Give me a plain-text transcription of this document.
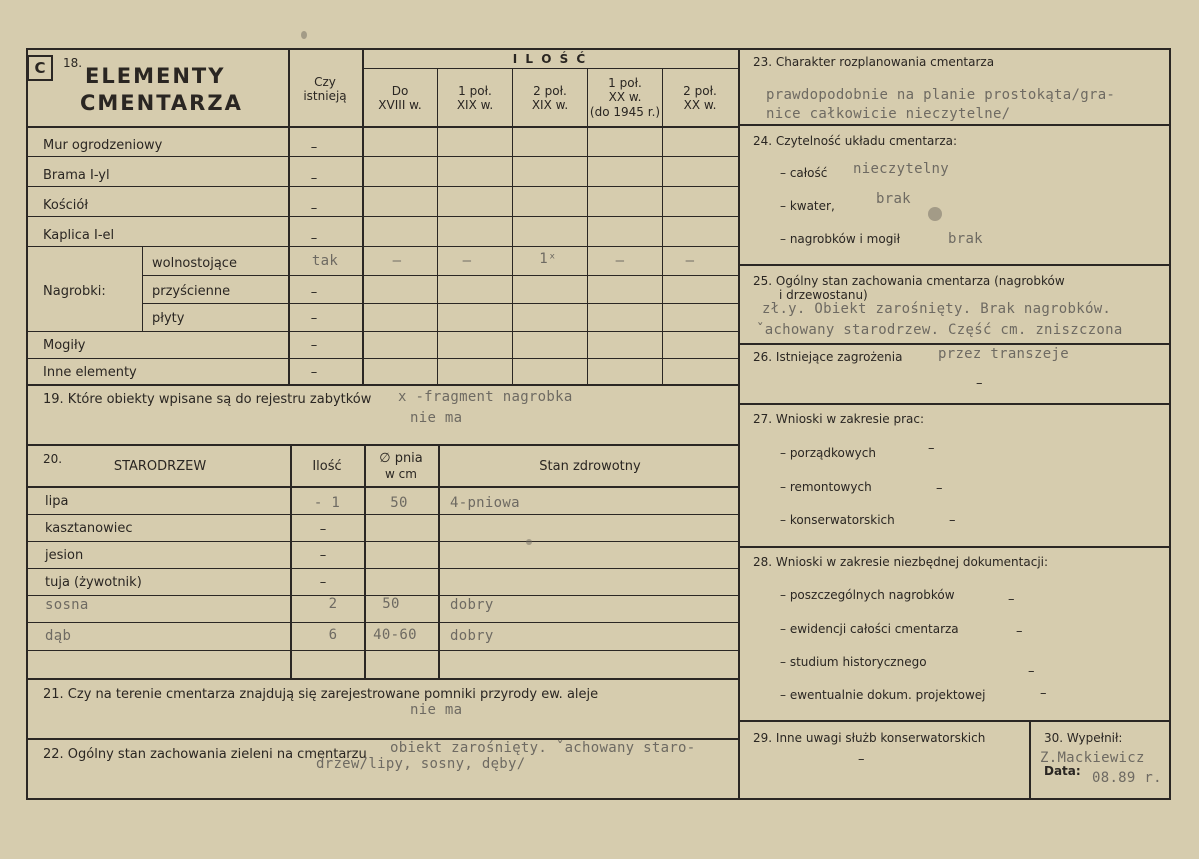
C	18.
ELEMENTY
CMENTARZA
Czy
istnieją
I L O Ś Ć
Do
XVIII w.
1 poł.
XIX w.
2 poł.
XIX w.
1 poł.
XX w.
(do 1945 r.)
2 poł.
XX w.
Mur ogrodzeniowy	–
Brama I-yl	–
Kościół	–
Kaplica I-el	–
Nagrobki:
wolnostojące	tak	–	–	1ˣ	–	–
przyścienne	–
płyty	–
Mogiły	–
Inne elementy	–
19. Które obiekty wpisane są do rejestru zabytków x -fragment nagrobka
nie ma
20.	STARODRZEW	Ilość
∅ pnia
w cm	Stan zdrowotny
lipa	- 1	50	4-pniowa
kasztanowiec	–
jesion	–
tuja (żywotnik)	–
sosna	2	50	dobry
dąb	6	40-60 dobry
21. Czy na terenie cmentarza znajdują się zarejestrowane pomniki przyrody ew. aleje
nie ma
22. Ogólny stan zachowania zieleni na cmentarzu obiekt zarośnięty. ˇachowany staro-
drzew/lipy, sosny, dęby/
23. Charakter rozplanowania cmentarza
prawdopodobnie na planie prostokąta/gra-
nice całkowicie nieczytelne/
24. Czytelność układu cmentarza:
– całość nieczytelny
– kwater,	brak
– nagrobków i mogił	brak
25. Ogólny stan zachowania cmentarza (nagrobków
i drzewostanu)
zł.y. Obiekt zarośnięty. Brak nagrobków.
ˇachowany starodrzew. Część cm. zniszczona
26. Istniejące zagrożenia	przez transzeje
–
27. Wnioski w zakresie prac:
– porządkowych	–
– remontowych	–
– konserwatorskich	–
28. Wnioski w zakresie niezbędnej dokumentacji:
– poszczególnych nagrobków	–
– ewidencji całości cmentarza	–
– studium historycznego
–
– ewentualnie dokum. projektowej	–
29. Inne uwagi służb konserwatorskich
–
30. Wypełnił:
Z.Mackiewicz
Data: 08.89 r.
